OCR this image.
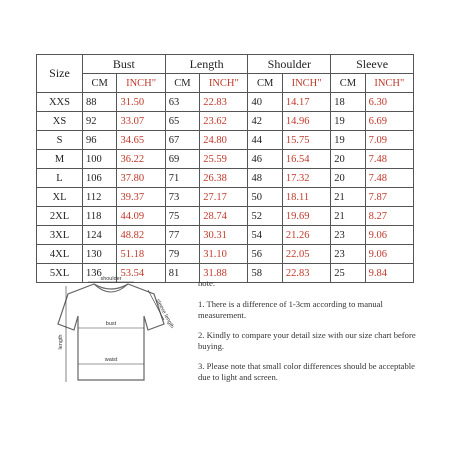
Size	Bust		Length		Shoulder		Sleeve	
	CM	INCH"	CM	INCH"	CM	INCH"	CM	INCH"
XXS	88	31.50	63	22.83	40	14.17	18	6.30
XS	92	33.07	65	23.62	42	14.96	19	6.69
S	96	34.65	67	24.80	44	15.75	19	7.09
M	100	36.22	69	25.59	46	16.54	20	7.48
L	106	37.80	71	26.38	48	17.32	20	7.48
XL	112	39.37	73	27.17	50	18.11	21	7.87
2XL	118	44.09	75	28.74	52	19.69	21	8.27
3XL	124	48.82	77	30.31	54	21.26	23	9.06
4XL	130	51.18	79	31.10	56	22.05	23	9.06
5XL	136	53.54	81	31.88	58	22.83	25	9.84
shoulder
sleeve length
bust
length
waist

note:

1. There is a difference of 1-3cm according to manual measurement.

2. Kindly to compare your detail size with our size chart before buying.

3. Please note that small color differences should be acceptable due to light and screen.
